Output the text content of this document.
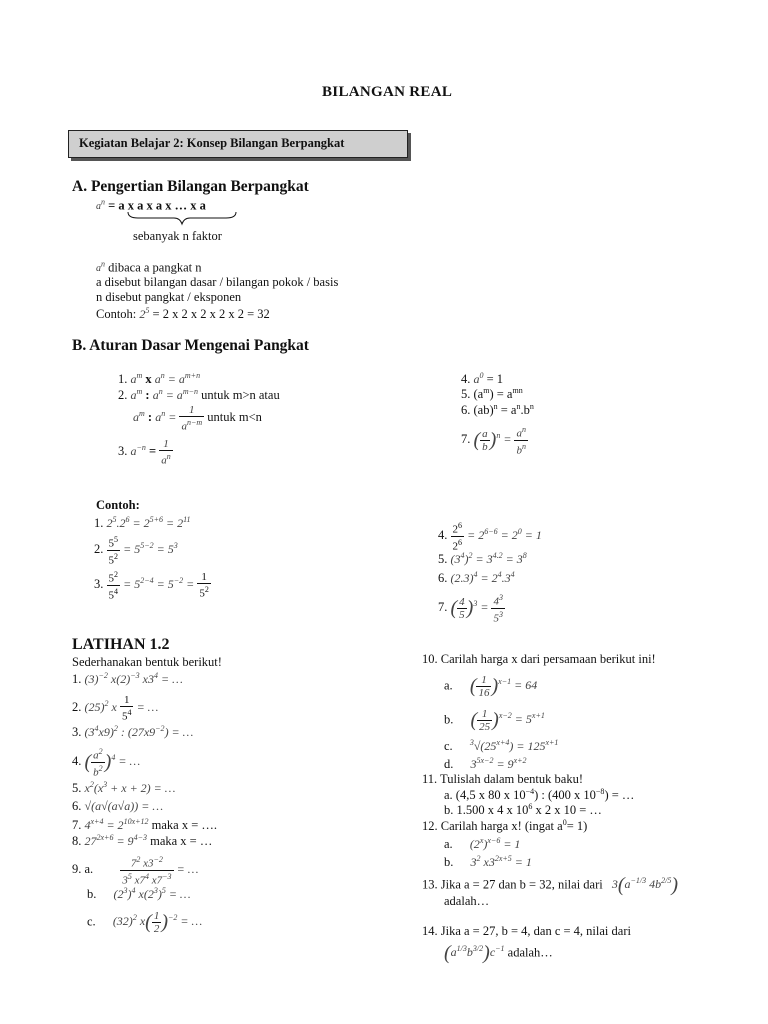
BILANGAN REAL
Kegiatan Belajar 2: Konsep Bilangan Berpangkat
A. Pengertian Bilangan Berpangkat
$a^n = a$ x a x a x … x a
sebanyak n faktor
$a^n$ dibaca a pangkat n
a disebut bilangan dasar / bilangan pokok / basis
n disebut pangkat / eksponen
Contoh: $2^5 = 2$ x 2 x 2 x 2 x 2 = 32
B. Aturan Dasar Mengenai Pangkat
1. $a^m$ x $a^n = a^{m+n}$
2. $a^m$ : $a^n = a^{m-n}$ untuk m>n atau
$a^m$ : $a^n = \frac{1}{a^{n-m}}$ untuk m<n
3. $a^{-n} = \frac{1}{a^n}$
4. $a^0 = 1$
5. $(a^m) = a^{mn}$
6. $(ab)^n = a^n.b^n$
7. ( $\frac{a}{b} )^n = \frac{a^n}{b^n}$
Contoh:
1. $2^5.2^6 = 2^{5+6} = 2^{11}$
2. $\frac{5^5}{5^2} = 5^{5-2} = 5^3$
3. $\frac{5^2}{5^4} = 5^{2-4} = 5^{-2} = \frac{1}{5^2}$
4. $\frac{2^6}{2^6} = 2^{6-6} = 2^0 = 1$
5. $(3^4)^2 = 3^{4.2} = 3^8$
6. $(2.3)^4 = 2^4.3^4$
7. ( $\frac{4}{5} )^3 = \frac{4^3}{5^3}$
LATIHAN 1.2
Sederhanakan bentuk berikut!
1. $(3)^{-2}$ $x(2)^{-3}$ $x3^4$ = …
2. $(25)^2$ x $\frac{1}{5^4}$ = …
3. $(3^4x9)^2$ : $(27x9^{-2})$ = …
4. ( $\frac{a^2}{b^2} )^4$ = …
5. $x^2(x^3 + x + 2)$ = …
6. √(a√(a√a)) = …
7. $4^{x+4} = 2^{10x+12}$ maka x = ….
8. $27^{2x+6} = 9^{4-3}$ maka x = …
9. a. $\frac{7^2 x3^{-2}}{3^5 x7^4 x7^{-3}}$ = …
b. $(2^3)^4$ $x(2^3)^5$ = …
c. $(32)^2$ $x( \frac{1}{2} )^{-2}$ = …
10. Carilah harga x dari persamaan berikut ini!
a. ( $\frac{1}{16} )^{x-1} = 64$
b. ( $\frac{1}{25} )^{x-2} = 5^{x+1}$
c. $^3√(25^{x+4}) = 125^{x+1}$
d. $3^{5x-2} = 9^{x+2}$
11. Tulislah dalam bentuk baku!
a. (4,5 x 80 x $10^{-4}$) : (400 x $10^{-8}$) = …
b. 1.500 x 4 x $10^6$ x 2 x 10 = …
12. Carilah harga x! (ingat $a^0= 1$)
a. $(2^x)^{x-6} = 1$
b. $3^2$ $x3^{2x+5} = 1$
13. Jika a = 27 dan b = 32, nilai dari $3(a^{-1/3}$ $4b^{2/5}$)
adalah…
14. Jika a = 27, b = 4, dan c = 4, nilai dari
$(a^{1/3}b^{3/2})c^{-1}$ adalah…
